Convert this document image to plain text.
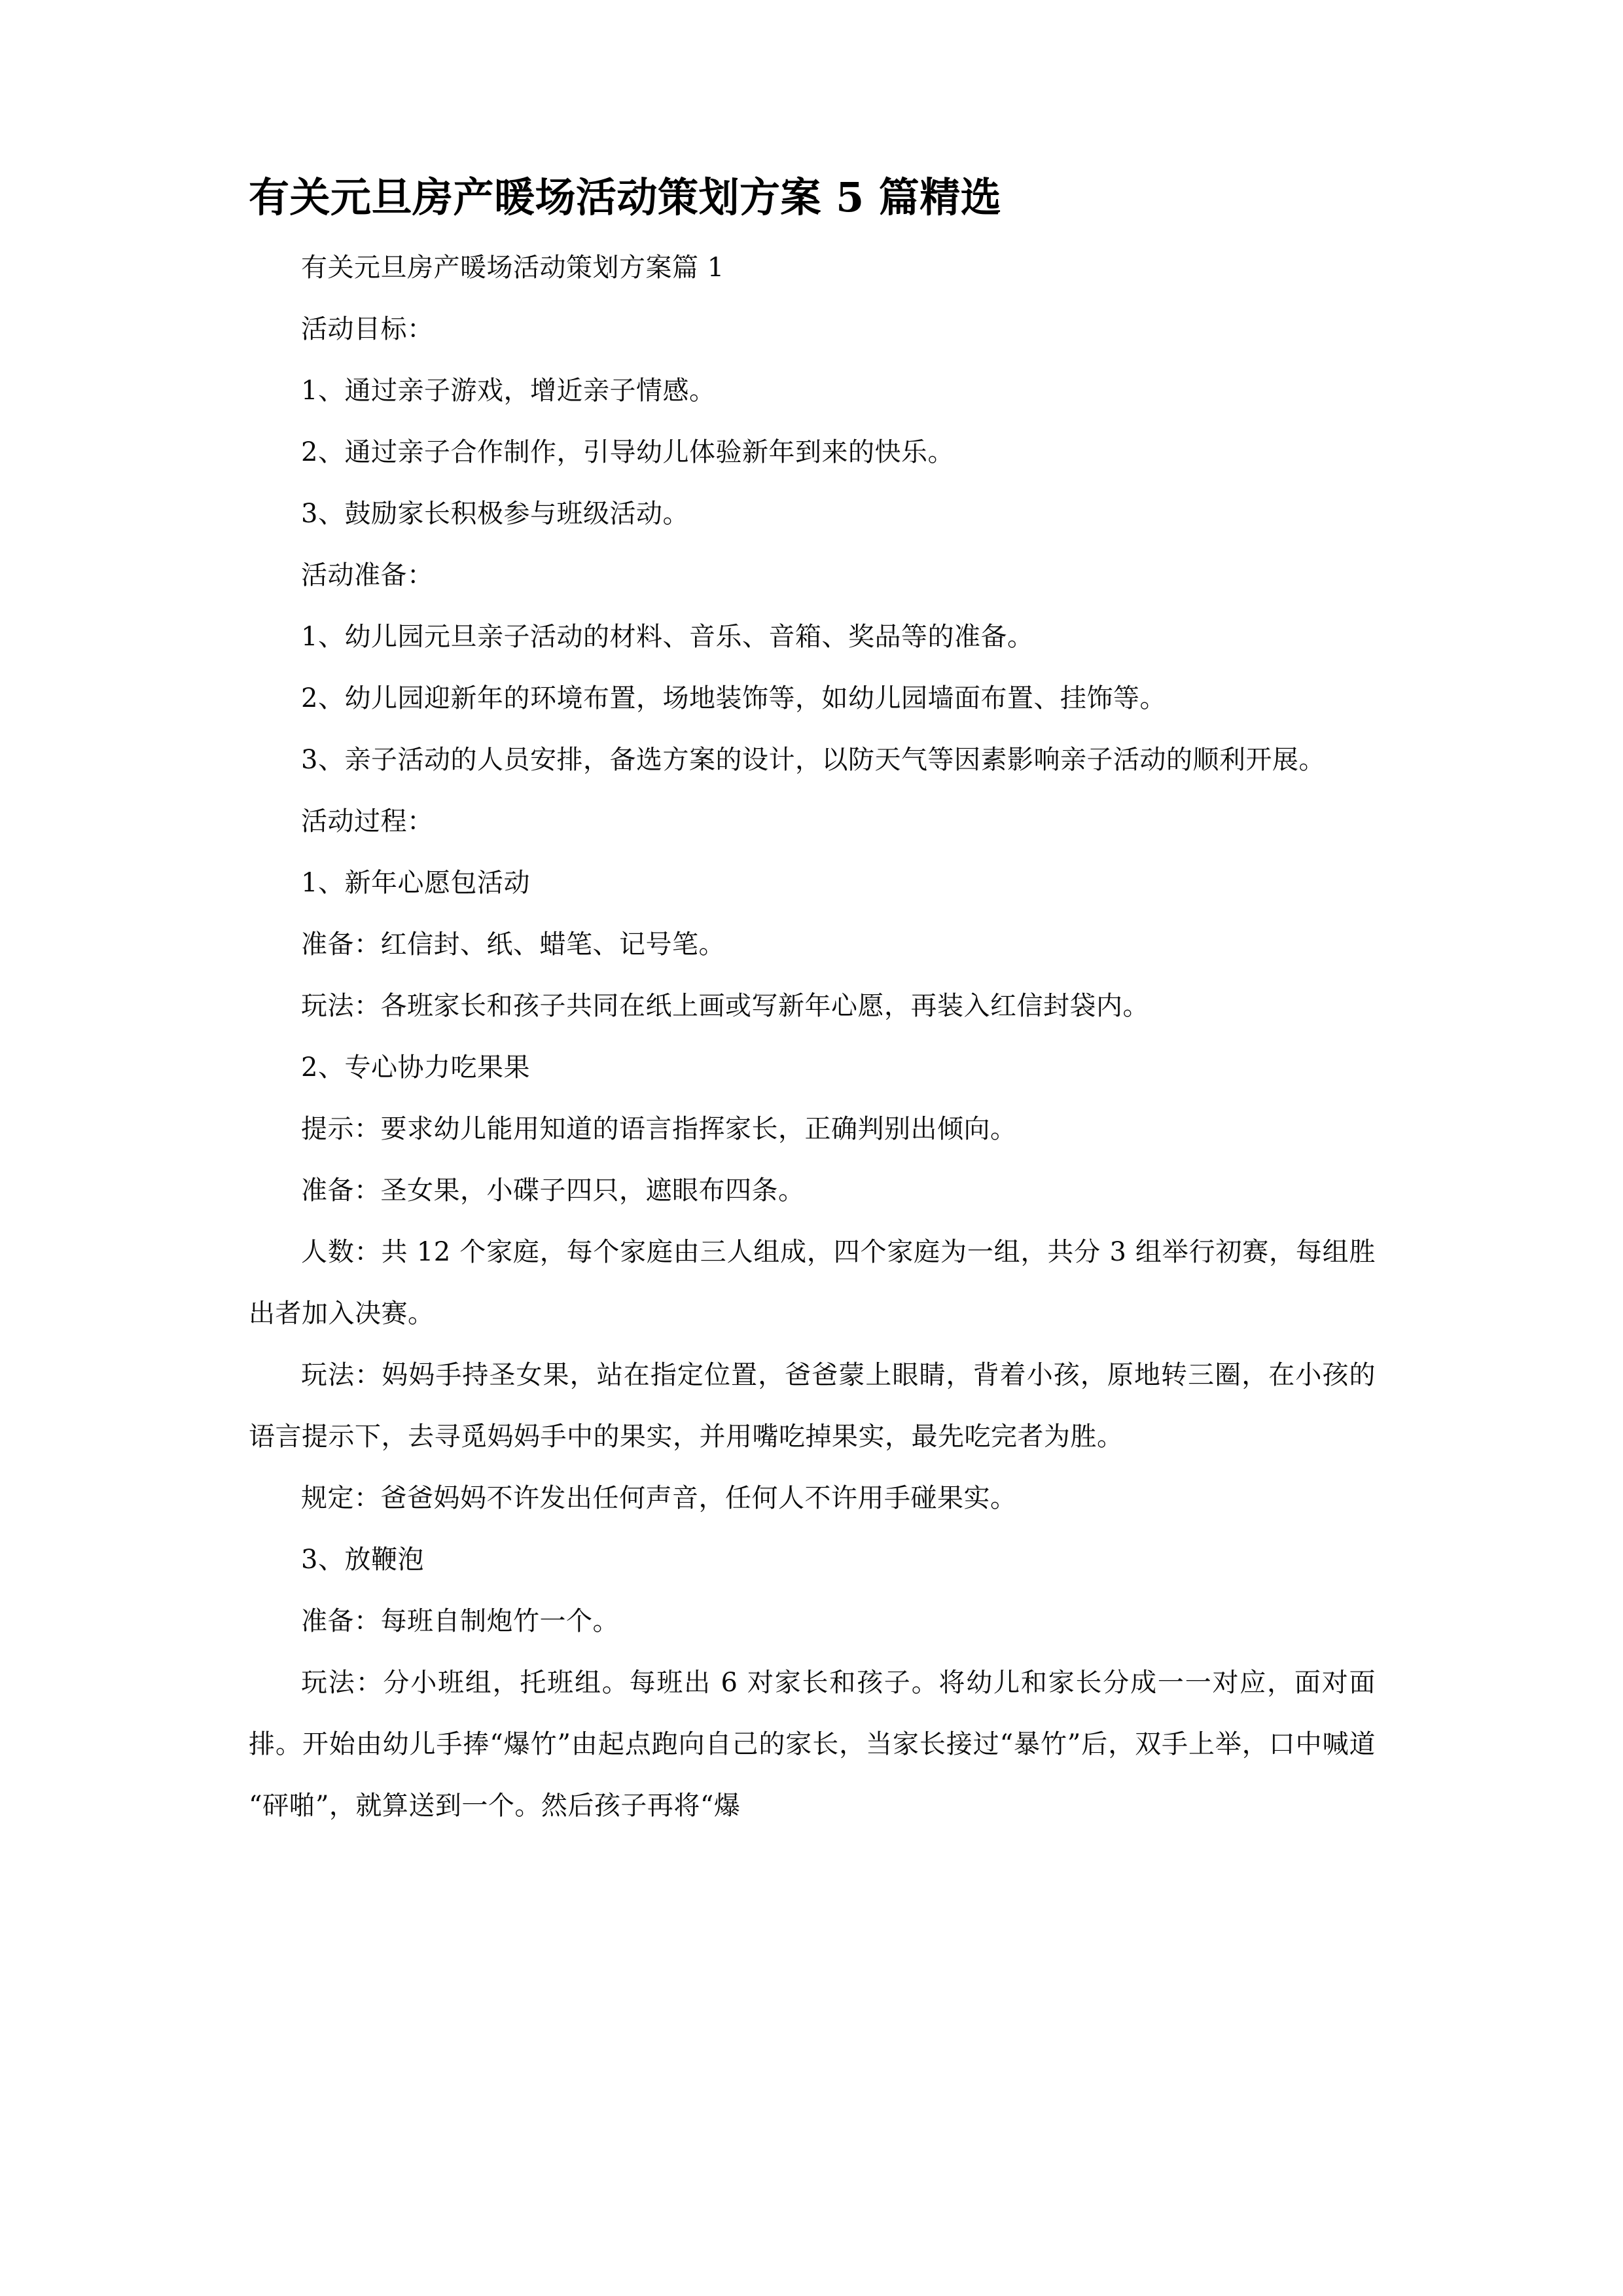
有关元旦房产暖场活动策划方案 5 篇精选

有关元旦房产暖场活动策划方案篇 1

活动目标：

1、通过亲子游戏，增近亲子情感。

2、通过亲子合作制作，引导幼儿体验新年到来的快乐。

3、鼓励家长积极参与班级活动。

活动准备：

1、幼儿园元旦亲子活动的材料、音乐、音箱、奖品等的准备。

2、幼儿园迎新年的环境布置，场地装饰等，如幼儿园墙面布置、挂饰等。

3、亲子活动的人员安排，备选方案的设计，以防天气等因素影响亲子活动的顺利开展。

活动过程：

1、新年心愿包活动

准备：红信封、纸、蜡笔、记号笔。

玩法：各班家长和孩子共同在纸上画或写新年心愿，再装入红信封袋内。

2、专心协力吃果果

提示：要求幼儿能用知道的语言指挥家长，正确判别出倾向。

准备：圣女果，小碟子四只，遮眼布四条。

人数：共 12 个家庭，每个家庭由三人组成，四个家庭为一组，共分 3 组举行初赛，每组胜出者加入决赛。

玩法：妈妈手持圣女果，站在指定位置，爸爸蒙上眼睛，背着小孩，原地转三圈，在小孩的语言提示下，去寻觅妈妈手中的果实，并用嘴吃掉果实，最先吃完者为胜。

规定：爸爸妈妈不许发出任何声音，任何人不许用手碰果实。

3、放鞭泡

准备：每班自制炮竹一个。

玩法：分小班组，托班组。每班出 6 对家长和孩子。将幼儿和家长分成一一对应，面对面排。开始由幼儿手捧“爆竹”由起点跑向自己的家长，当家长接过“暴竹”后，双手上举，口中喊道“砰啪”，就算送到一个。然后孩子再将“爆
